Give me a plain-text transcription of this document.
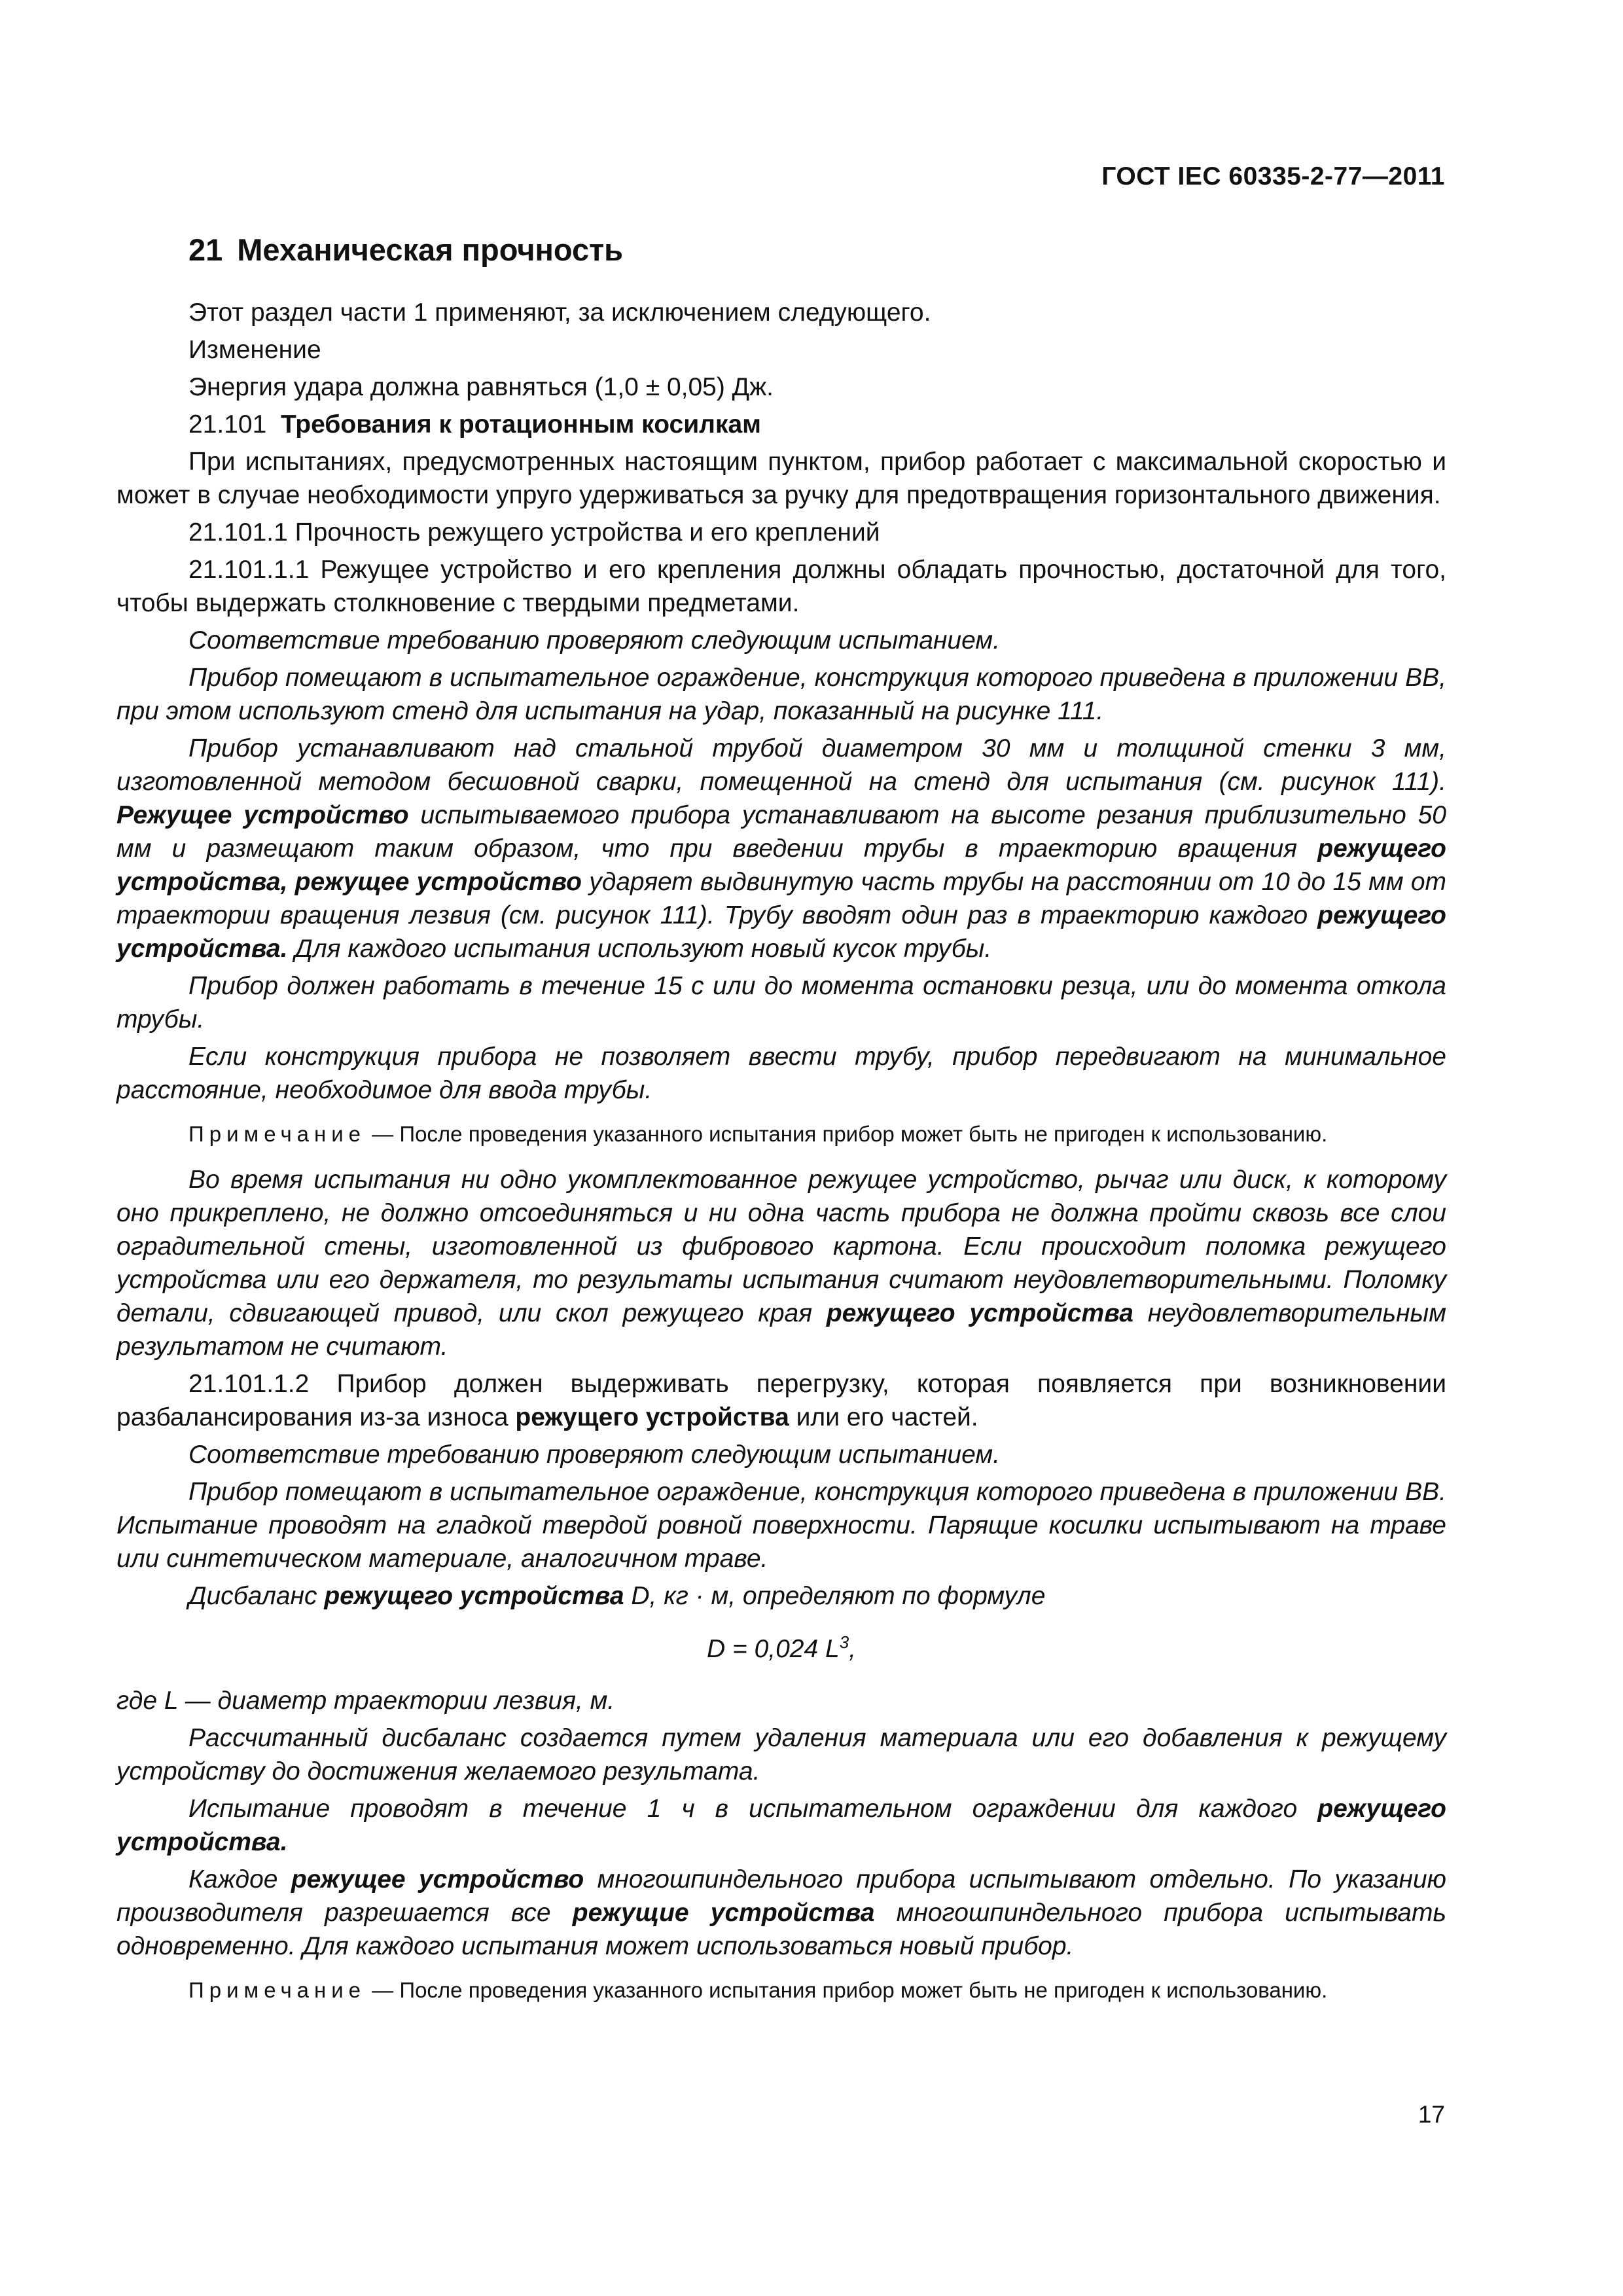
ГОСТ IEC 60335-2-77—2011
21 Механическая прочность

Этот раздел части 1 применяют, за исключением следующего.

Изменение

Энергия удара должна равняться (1,0 ± 0,05) Дж.

21.101 Требования к ротационным косилкам

При испытаниях, предусмотренных настоящим пунктом, прибор работает с максимальной скоростью и может в случае необходимости упруго удерживаться за ручку для предотвращения горизонтального движения.

21.101.1 Прочность режущего устройства и его креплений

21.101.1.1 Режущее устройство и его крепления должны обладать прочностью, достаточной для того, чтобы выдержать столкновение с твердыми предметами.

Соответствие требованию проверяют следующим испытанием.

Прибор помещают в испытательное ограждение, конструкция которого приведена в приложении ВВ, при этом используют стенд для испытания на удар, показанный на рисунке 111.

Прибор устанавливают над стальной трубой диаметром 30 мм и толщиной стенки 3 мм, изготовленной методом бесшовной сварки, помещенной на стенд для испытания (см. рисунок 111). Режущее устройство испытываемого прибора устанавливают на высоте резания приблизительно 50 мм и размещают таким образом, что при введении трубы в траекторию вращения режущего устройства, режущее устройство ударяет выдвинутую часть трубы на расстоянии от 10 до 15 мм от траектории вращения лезвия (см. рисунок 111). Трубу вводят один раз в траекторию каждого режущего устройства. Для каждого испытания используют новый кусок трубы.

Прибор должен работать в течение 15 с или до момента остановки резца, или до момента откола трубы.

Если конструкция прибора не позволяет ввести трубу, прибор передвигают на минимальное расстояние, необходимое для ввода трубы.

Примечание — После проведения указанного испытания прибор может быть не пригоден к использованию.

Во время испытания ни одно укомплектованное режущее устройство, рычаг или диск, к которому оно прикреплено, не должно отсоединяться и ни одна часть прибора не должна пройти сквозь все слои оградительной стены, изготовленной из фибрового картона. Если происходит поломка режущего устройства или его держателя, то результаты испытания считают неудовлетворительными. Поломку детали, сдвигающей привод, или скол режущего края режущего устройства неудовлетворительным результатом не считают.

21.101.1.2 Прибор должен выдерживать перегрузку, которая появляется при возникновении разбалансирования из-за износа режущего устройства или его частей.

Соответствие требованию проверяют следующим испытанием.

Прибор помещают в испытательное ограждение, конструкция которого приведена в приложении ВВ. Испытание проводят на гладкой твердой ровной поверхности. Парящие косилки испытывают на траве или синтетическом материале, аналогичном траве.

Дисбаланс режущего устройства D, кг · м, определяют по формуле

D = 0,024 $L^3$,

где L — диаметр траектории лезвия, м.

Рассчитанный дисбаланс создается путем удаления материала или его добавления к режущему устройству до достижения желаемого результата.

Испытание проводят в течение 1 ч в испытательном ограждении для каждого режущего устройства.

Каждое режущее устройство многошпиндельного прибора испытывают отдельно. По указанию производителя разрешается все режущие устройства многошпиндельного прибора испытывать одновременно. Для каждого испытания может использоваться новый прибор.

Примечание — После проведения указанного испытания прибор может быть не пригоден к использованию.
17
